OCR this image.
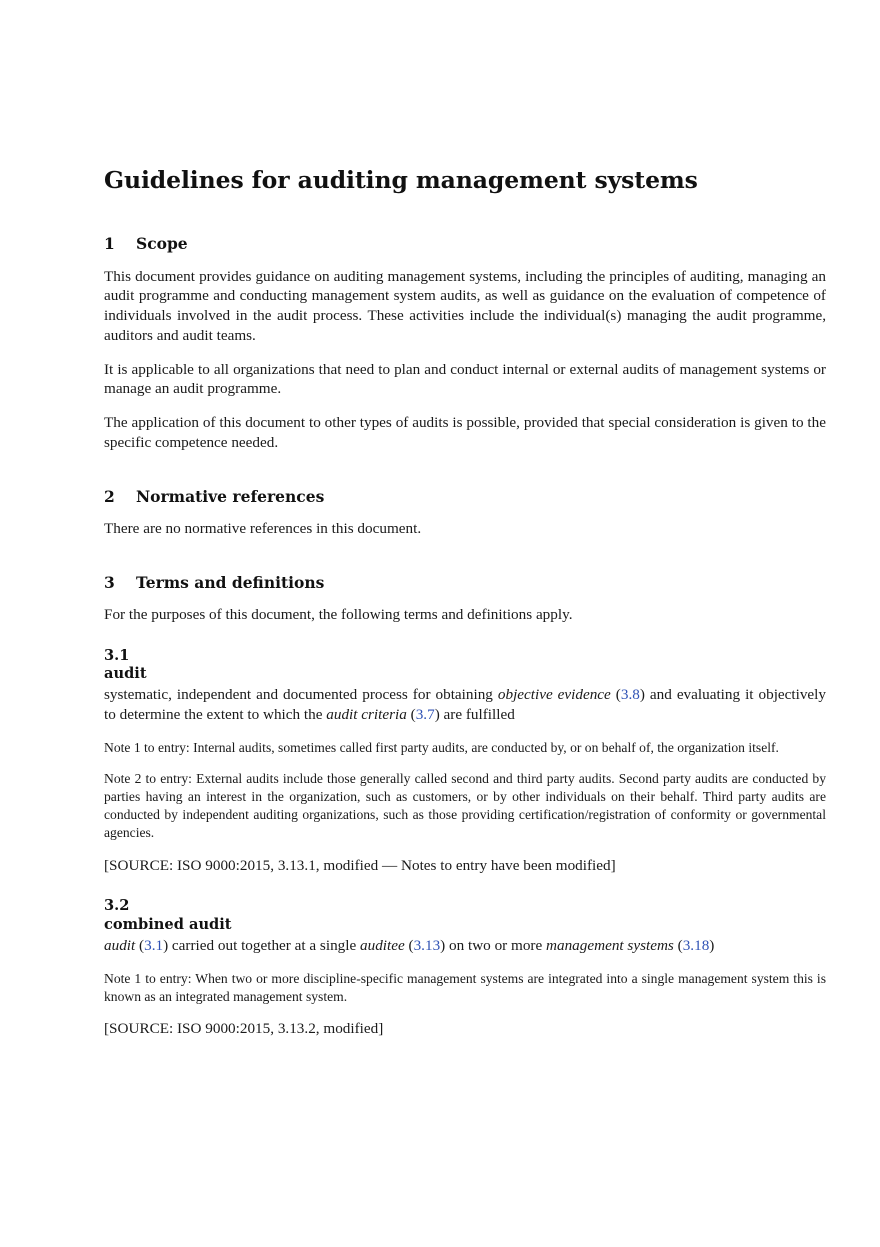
Guidelines for auditing management systems
1	Scope

This document provides guidance on auditing management systems, including the principles of auditing, managing an audit programme and conducting management system audits, as well as guidance on the evaluation of competence of individuals involved in the audit process. These activities include the individual(s) managing the audit programme, auditors and audit teams.

It is applicable to all organizations that need to plan and conduct internal or external audits of management systems or manage an audit programme.

The application of this document to other types of audits is possible, provided that special consideration is given to the specific competence needed.

2	Normative references

There are no normative references in this document.

3	Terms and definitions

For the purposes of this document, the following terms and definitions apply.

3.1
audit
systematic, independent and documented process for obtaining objective evidence (3.8) and evaluating it objectively to determine the extent to which the audit criteria (3.7) are fulfilled

Note 1 to entry: Internal audits, sometimes called first party audits, are conducted by, or on behalf of, the organization itself.

Note 2 to entry: External audits include those generally called second and third party audits. Second party audits are conducted by parties having an interest in the organization, such as customers, or by other individuals on their behalf. Third party audits are conducted by independent auditing organizations, such as those providing certification/registration of conformity or governmental agencies.

[SOURCE: ISO 9000:2015, 3.13.1, modified — Notes to entry have been modified]

3.2
combined audit
audit (3.1) carried out together at a single auditee (3.13) on two or more management systems (3.18)

Note 1 to entry: When two or more discipline-specific management systems are integrated into a single management system this is known as an integrated management system.

[SOURCE: ISO 9000:2015, 3.13.2, modified]
